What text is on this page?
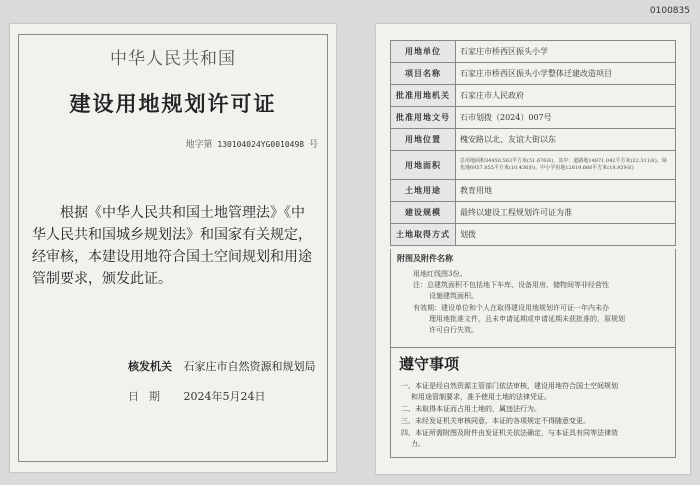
0100835
中华人民共和国
建设用地规划许可证
地字第 130104024YG0010498 号
根据《中华人民共和国土地管理法》《中华人民共和国城乡规划法》和国家有关规定，经审核，本建设用地符合国土空间规划和用途管制要求，颁发此证。
核发机关 石家庄市自然资源和规划局
日期 2024年5月24日
用地单位	石家庄市桥西区振头小学
项目名称	石家庄市桥西区振头小学整体迁建改造项目
批准用地机关	石家庄市人民政府
批准用地文号	石市划拨（2024）007号
用地位置	槐安路以北、友谊大街以东
用地面积	总用地面积34450.563平方米(51.676亩)，其中：道路地14871.042平方米(22.311亩)，绿化地6957.855平方米(10.436亩)，中小学用地12619.666平方米(18.929亩)
土地用途	教育用地
建设规模	最终以建设工程规划许可证为准
土地取得方式	划拨
附图及附件名称
用地红线图3份。
注：总建筑面积不包括地下车库、设备用房、储物间等非经营性
设施建筑面积。
有效期：建设单位和个人在取得建设用地规划许可证一年内未办
理用地批准文件，且未申请延期或申请延期未获批准的，原规划
许可自行失效。
遵守事项
一、本证是经自然资源主管部门依法审核，建设用地符合国土空间规划
和用途管制要求，准予使用土地的法律凭证。
二、未取得本证而占用土地的，属违法行为。
三、未经发证机关审核同意，本证的各项规定不得随意变更。
四、本证所需附图及附件由发证机关依法确定，与本证具有同等法律效
力。
